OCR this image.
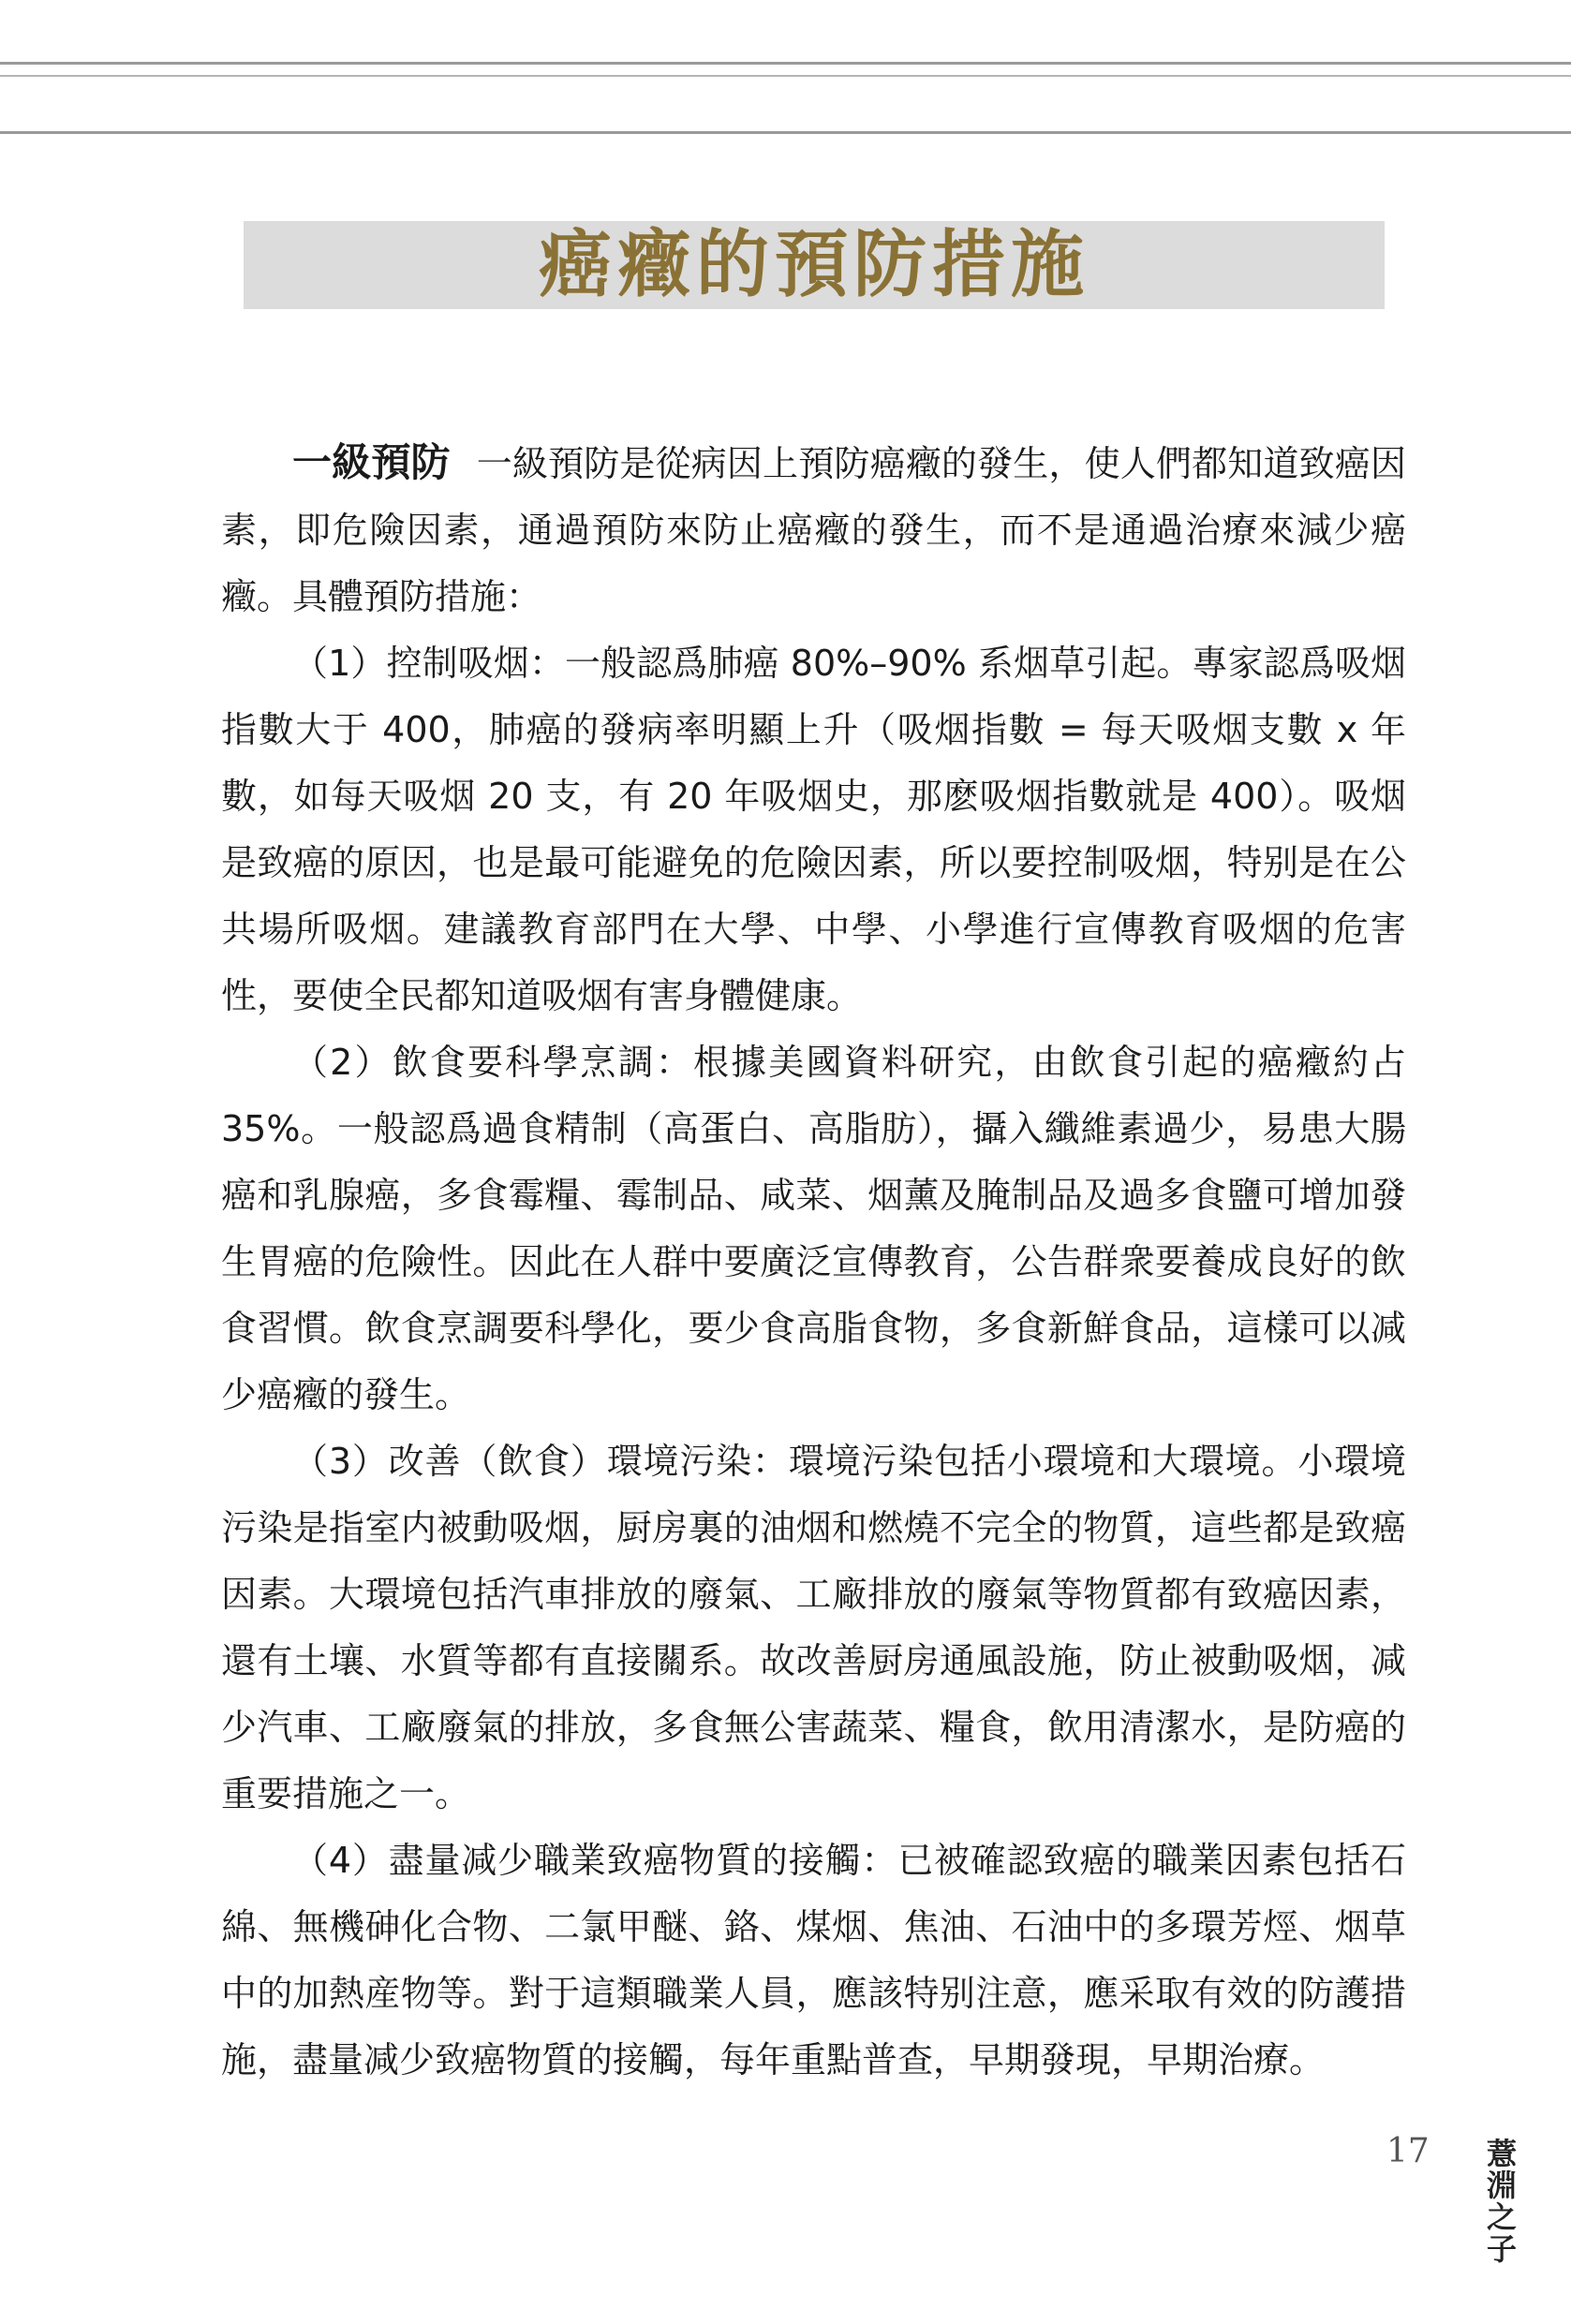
癌癥的預防措施

一級預防 一級預防是從病因上預防癌癥的發生，使人們都知道致癌因素，即危險因素，通過預防來防止癌癥的發生，而不是通過治療來減少癌癥。具體預防措施：

（1）控制吸烟：一般認爲肺癌 80%–90% 系烟草引起。專家認爲吸烟指數大于 400，肺癌的發病率明顯上升（吸烟指數 = 每天吸烟支數 x 年數，如每天吸烟 20 支，有 20 年吸烟史，那麽吸烟指數就是 400）。吸烟是致癌的原因，也是最可能避免的危險因素，所以要控制吸烟，特别是在公共場所吸烟。建議教育部門在大學、中學、小學進行宣傳教育吸烟的危害性，要使全民都知道吸烟有害身體健康。

（2）飲食要科學烹調：根據美國資料研究，由飲食引起的癌癥約占 35%。一般認爲過食精制（高蛋白、高脂肪），攝入纖維素過少，易患大腸癌和乳腺癌，多食霉糧、霉制品、咸菜、烟薰及腌制品及過多食鹽可增加發生胃癌的危險性。因此在人群中要廣泛宣傳教育，公告群衆要養成良好的飲食習慣。飲食烹調要科學化，要少食高脂食物，多食新鮮食品，這樣可以减少癌癥的發生。

（3）改善（飲食）環境污染：環境污染包括小環境和大環境。小環境污染是指室内被動吸烟，厨房裏的油烟和燃燒不完全的物質，這些都是致癌因素。大環境包括汽車排放的廢氣、工廠排放的廢氣等物質都有致癌因素，還有土壤、水質等都有直接關系。故改善厨房通風設施，防止被動吸烟，减少汽車、工廠廢氣的排放，多食無公害蔬菜、糧食，飲用清潔水，是防癌的重要措施之一。

（4）盡量减少職業致癌物質的接觸：已被確認致癌的職業因素包括石綿、無機砷化合物、二氯甲醚、鉻、煤烟、焦油、石油中的多環芳烴、烟草中的加熱産物等。對于這類職業人員，應該特别注意，應采取有效的防護措施，盡量减少致癌物質的接觸，每年重點普查，早期發現，早期治療。

17 薏淵之子
